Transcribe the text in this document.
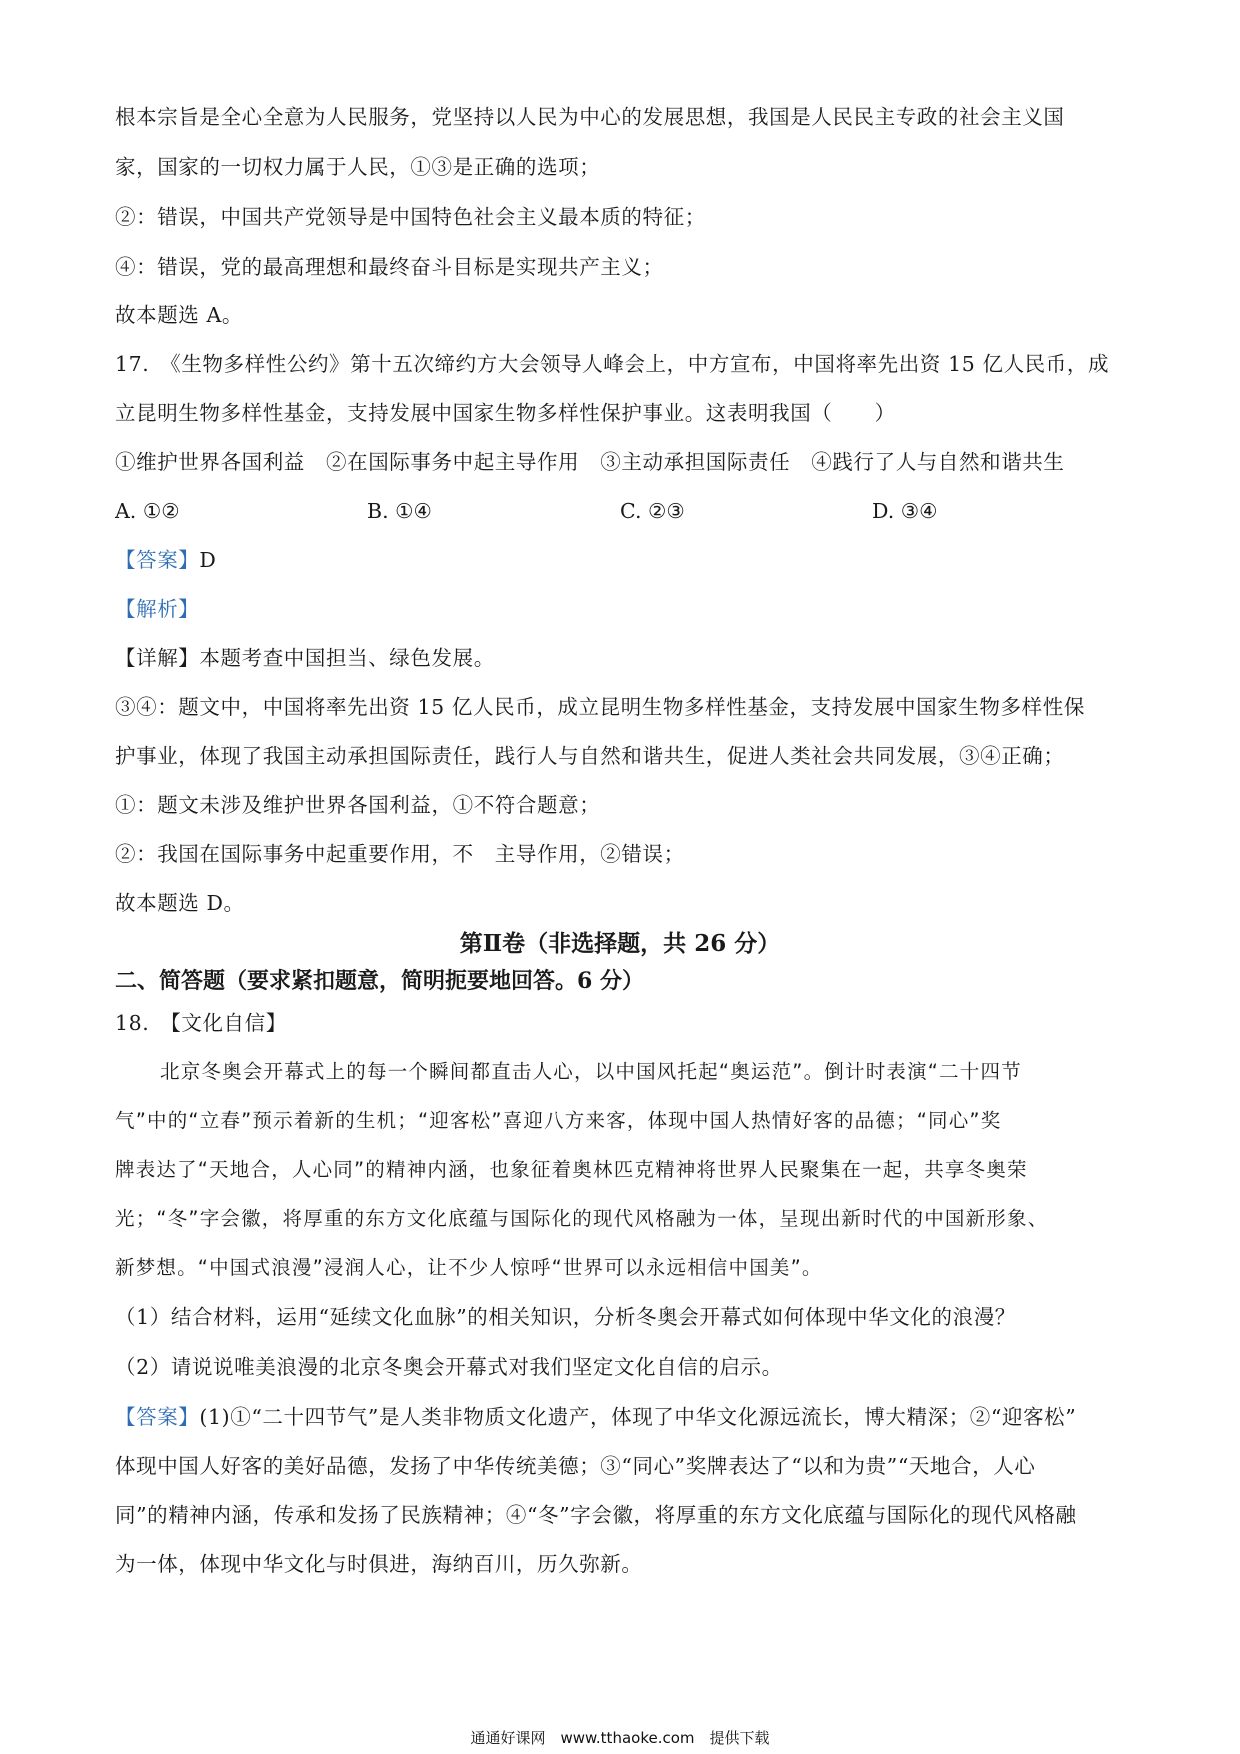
根本宗旨是全心全意为人民服务，党坚持以人民为中心的发展思想，我国是人民民主专政的社会主义国
家，国家的一切权力属于人民，①③是正确的选项；
②：错误，中国共产党领导是中国特色社会主义最本质的特征；
④：错误，党的最高理想和最终奋斗目标是实现共产主义；
故本题选 A。
17.　《生物多样性公约》第十五次缔约方大会领导人峰会上，中方宣布，中国将率先出资 15 亿人民币，成
立昆明生物多样性基金，支持发展中国家生物多样性保护事业。这表明我国（　　）
①维护世界各国利益　②在国际事务中起主导作用　③主动承担国际责任　④践行了人与自然和谐共生
A. ①②	B. ①④	C. ②③	D. ③④
【答案】D
【解析】
【详解】本题考查中国担当、绿色发展。
③④：题文中，中国将率先出资 15 亿人民币，成立昆明生物多样性基金，支持发展中国家生物多样性保
护事业，体现了我国主动承担国际责任，践行人与自然和谐共生，促进人类社会共同发展，③④正确；
①：题文未涉及维护世界各国利益，①不符合题意；
②：我国在国际事务中起重要作用，不　主导作用，②错误；
故本题选 D。
第Ⅱ卷（非选择题，共 26 分）
二、简答题（要求紧扣题意，简明扼要地回答。6 分）
18.　【文化自信】
北京冬奥会开幕式上的每一个瞬间都直击人心，以中国风托起“奥运范”。倒计时表演“二十四节
气”中的“立春”预示着新的生机；“迎客松”喜迎八方来客，体现中国人热情好客的品德；“同心”奖
牌表达了“天地合，人心同”的精神内涵，也象征着奥林匹克精神将世界人民聚集在一起，共享冬奥荣
光；“冬”字会徽，将厚重的东方文化底蕴与国际化的现代风格融为一体，呈现出新时代的中国新形象、
新梦想。“中国式浪漫”浸润人心，让不少人惊呼“世界可以永远相信中国美”。
（1）结合材料，运用“延续文化血脉”的相关知识，分析冬奥会开幕式如何体现中华文化的浪漫？
（2）请说说唯美浪漫的北京冬奥会开幕式对我们坚定文化自信的启示。
【答案】(1)①“二十四节气”是人类非物质文化遗产，体现了中华文化源远流长，博大精深；②“迎客松”
体现中国人好客的美好品德，发扬了中华传统美德；③“同心”奖牌表达了“以和为贵”“天地合，人心
同”的精神内涵，传承和发扬了民族精神；④“冬”字会徽，将厚重的东方文化底蕴与国际化的现代风格融
为一体，体现中华文化与时俱进，海纳百川，历久弥新。
通通好课网　www.tthaoke.com　提供下载
